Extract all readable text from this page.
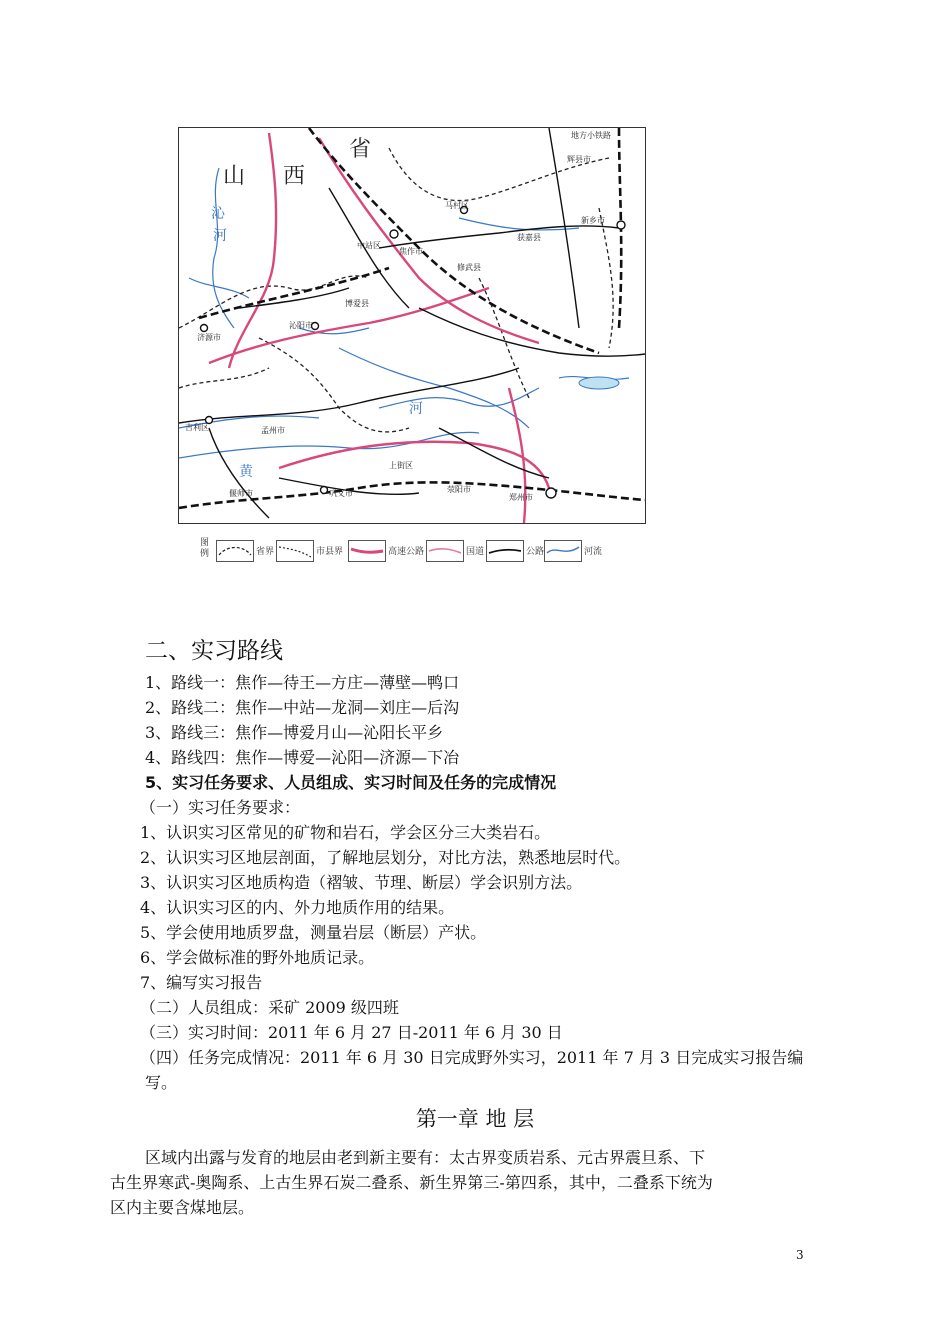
山 西
省
黄
河
沁
河
地方小铁路
辉县市
新乡市
获嘉县
焦作市
中站区
马村区
修武县
博爱县
沁阳市
济源市
孟州市
吉利区
上街区
荥阳市
郑州市
巩义市
偃师市
图例	省界	市县界	高速公路	国道	公路	河流
二、实习路线
1、路线一：焦作—待王—方庄—薄壁—鸭口
2、路线二：焦作—中站—龙洞—刘庄—后沟
3、路线三：焦作—博爱月山—沁阳长平乡
4、路线四：焦作—博爱—沁阳—济源—下冶
5、实习任务要求、人员组成、实习时间及任务的完成情况
（一）实习任务要求：
1、认识实习区常见的矿物和岩石，学会区分三大类岩石。
2、认识实习区地层剖面，了解地层划分，对比方法，熟悉地层时代。
3、认识实习区地质构造（褶皱、节理、断层）学会识别方法。
4、认识实习区的内、外力地质作用的结果。
5、学会使用地质罗盘，测量岩层（断层）产状。
6、学会做标准的野外地质记录。
7、编写实习报告
（二）人员组成：采矿 2009 级四班
（三）实习时间：2011 年 6 月 27 日-2011 年 6 月 30 日
（四）任务完成情况：2011 年 6 月 30 日完成野外实习，2011 年 7 月 3 日完成实习报告编
写。
第一章 地 层
区域内出露与发育的地层由老到新主要有：太古界变质岩系、元古界震旦系、下
古生界寒武-奥陶系、上古生界石炭二叠系、新生界第三-第四系，其中，二叠系下统为
区内主要含煤地层。
3
